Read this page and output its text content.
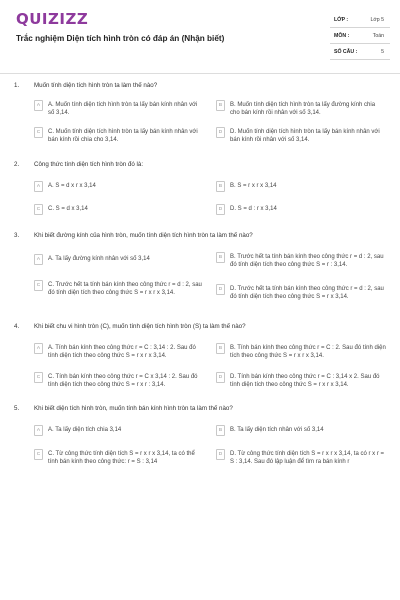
QUIZIZZ
Trắc nghiệm Diện tích hình tròn có đáp án (Nhận biết)
LỚP :	Lớp 5
MÔN :	Toán
SỐ CÂU :	5
1. Muốn tính diện tích hình tròn ta làm thế nào?
A	A. Muốn tính diện tích hình tròn ta lấy bán kính nhân với số 3,14.
B	B. Muốn tính diện tích hình tròn ta lấy đường kính chia cho bán kính rồi nhân với số 3,14.
C	C. Muốn tính diện tích hình tròn ta lấy bán kính nhân với bán kính rồi chia cho 3,14.
D	D. Muốn tính diện tích hình tròn ta lấy bán kính nhân với bán kính rồi nhân với số 3,14.
2. Công thức tính diện tích hình tròn đó là:
A	A. S = d x r x 3,14	B	B. S = r x r x 3,14
C	C. S = d x 3,14	D	D. S = d : r x 3,14
3. Khi biết đường kính của hình tròn, muốn tính diện tích hình tròn ta làm thế nào?
A	A. Ta lấy đường kính nhân với số 3,14	B	B. Trước hết ta tính bán kính theo công thức r = d : 2, sau đó tính diện tích theo công thức S = r : 3,14.
C	C. Trước hết ta tính bán kính theo công thức r = d : 2, sau đó tính diện tích theo công thức S = r x r x 3,14.
D	D. Trước hết ta tính bán kính theo công thức r = d : 2, sau đó tính diện tích theo công thức S = r x 3,14.
4. Khi biết chu vi hình tròn (C), muốn tính diện tích hình tròn (S) ta làm thế nào?
A	A. Tính bán kính theo công thức r = C : 3,14 : 2. Sau đó tính diện tích theo công thức S = r x r x 3,14.
B	B. Tính bán kính theo công thức r = C : 2. Sau đó tính diện tích theo công thức S = r x r x 3,14.
C	C. Tính bán kính theo công thức r = C x 3,14 : 2. Sau đó tính diện tích theo công thức S = r x r : 3,14.
D	D. Tính bán kính theo công thức r = C : 3,14 x 2. Sau đó tính diện tích theo công thức S = r x r x 3,14.
5. Khi biết diện tích hình tròn, muốn tính bán kính hình tròn ta làm thế nào?
A	A. Ta lấy diện tích chia 3,14	B	B. Ta lấy diện tích nhân với số 3,14
C	C. Từ công thức tính diện tích S = r x r x 3,14, ta có thể tính bán kính theo công thức: r = S : 3,14
D	D. Từ công thức tính diện tích S = r x r x 3,14, ta có r x r = S : 3,14. Sau đó lập luận để tìm ra bán kính r
